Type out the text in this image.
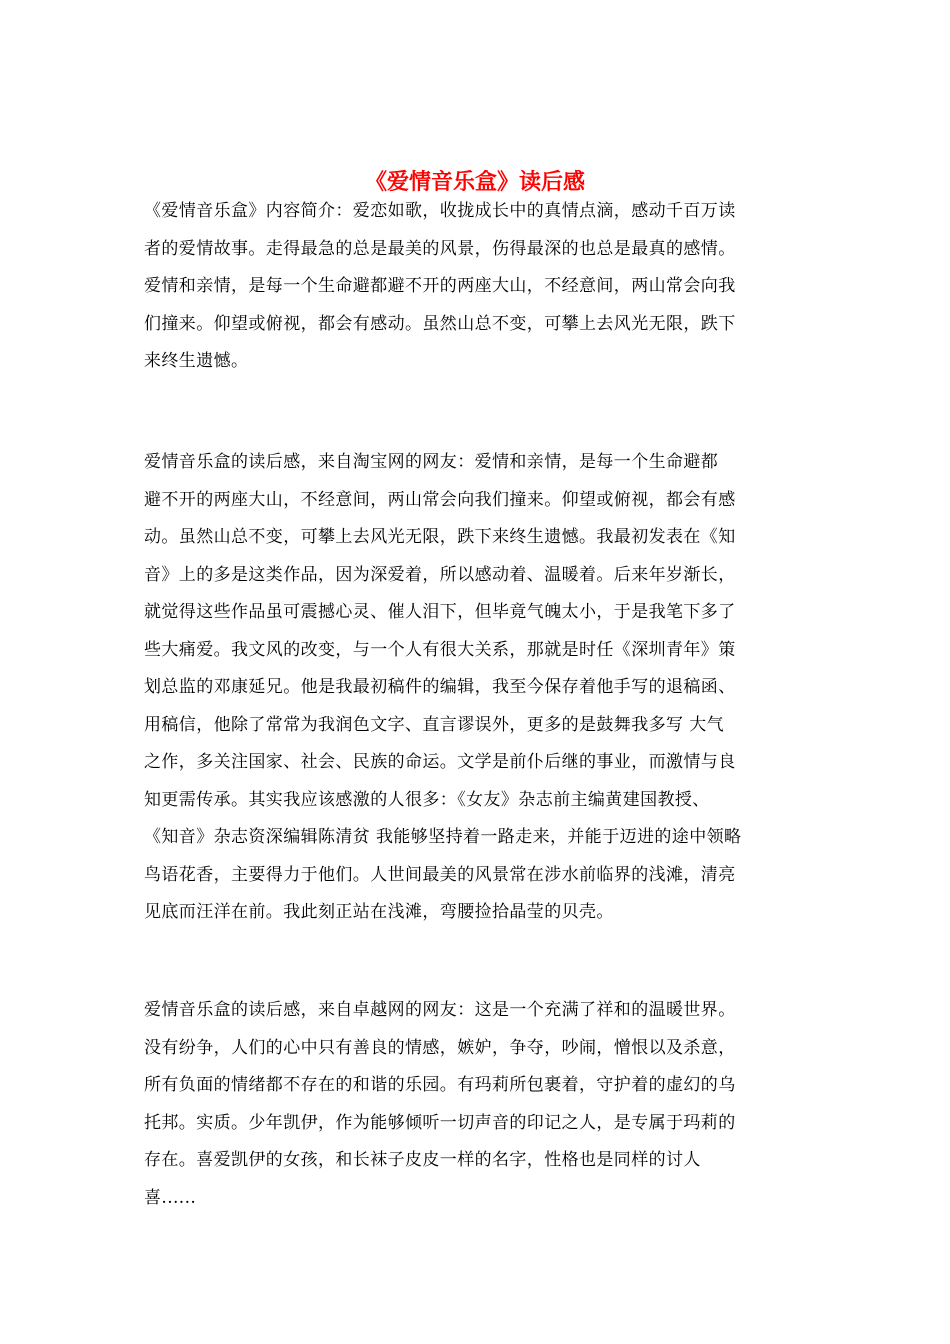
《爱情音乐盒》读后感

《爱情音乐盒》内容简介：爱恋如歌，收拢成长中的真情点滴，感动千百万读
者的爱情故事。走得最急的总是最美的风景，伤得最深的也总是最真的感情。
爱情和亲情，是每一个生命避都避不开的两座大山，不经意间，两山常会向我
们撞来。仰望或俯视，都会有感动。虽然山总不变，可攀上去风光无限，跌下
来终生遗憾。

爱情音乐盒的读后感，来自淘宝网的网友：爱情和亲情，是每一个生命避都
避不开的两座大山，不经意间，两山常会向我们撞来。仰望或俯视，都会有感
动。虽然山总不变，可攀上去风光无限，跌下来终生遗憾。我最初发表在《知
音》上的多是这类作品，因为深爱着，所以感动着、温暖着。后来年岁渐长，
就觉得这些作品虽可震撼心灵、催人泪下，但毕竟气魄太小，于是我笔下多了
些大痛爱。我文风的改变，与一个人有很大关系，那就是时任《深圳青年》策
划总监的邓康延兄。他是我最初稿件的编辑，我至今保存着他手写的退稿函、
用稿信，他除了常常为我润色文字、直言谬误外，更多的是鼓舞我多写 大气
之作，多关注国家、社会、民族的命运。文学是前仆后继的事业，而激情与良
知更需传承。其实我应该感激的人很多：《女友》杂志前主编黄建国教授、
《知音》杂志资深编辑陈清贫 我能够坚持着一路走来，并能于迈进的途中领略
鸟语花香，主要得力于他们。人世间最美的风景常在涉水前临界的浅滩，清亮
见底而汪洋在前。我此刻正站在浅滩，弯腰捡拾晶莹的贝壳。

爱情音乐盒的读后感，来自卓越网的网友：这是一个充满了祥和的温暖世界。
没有纷争，人们的心中只有善良的情感，嫉妒，争夺，吵闹，憎恨以及杀意，
所有负面的情绪都不存在的和谐的乐园。有玛莉所包裹着，守护着的虚幻的乌
托邦。实质。少年凯伊，作为能够倾听一切声音的印记之人，是专属于玛莉的
存在。喜爱凯伊的女孩，和长袜子皮皮一样的名字，性格也是同样的讨人
喜......
